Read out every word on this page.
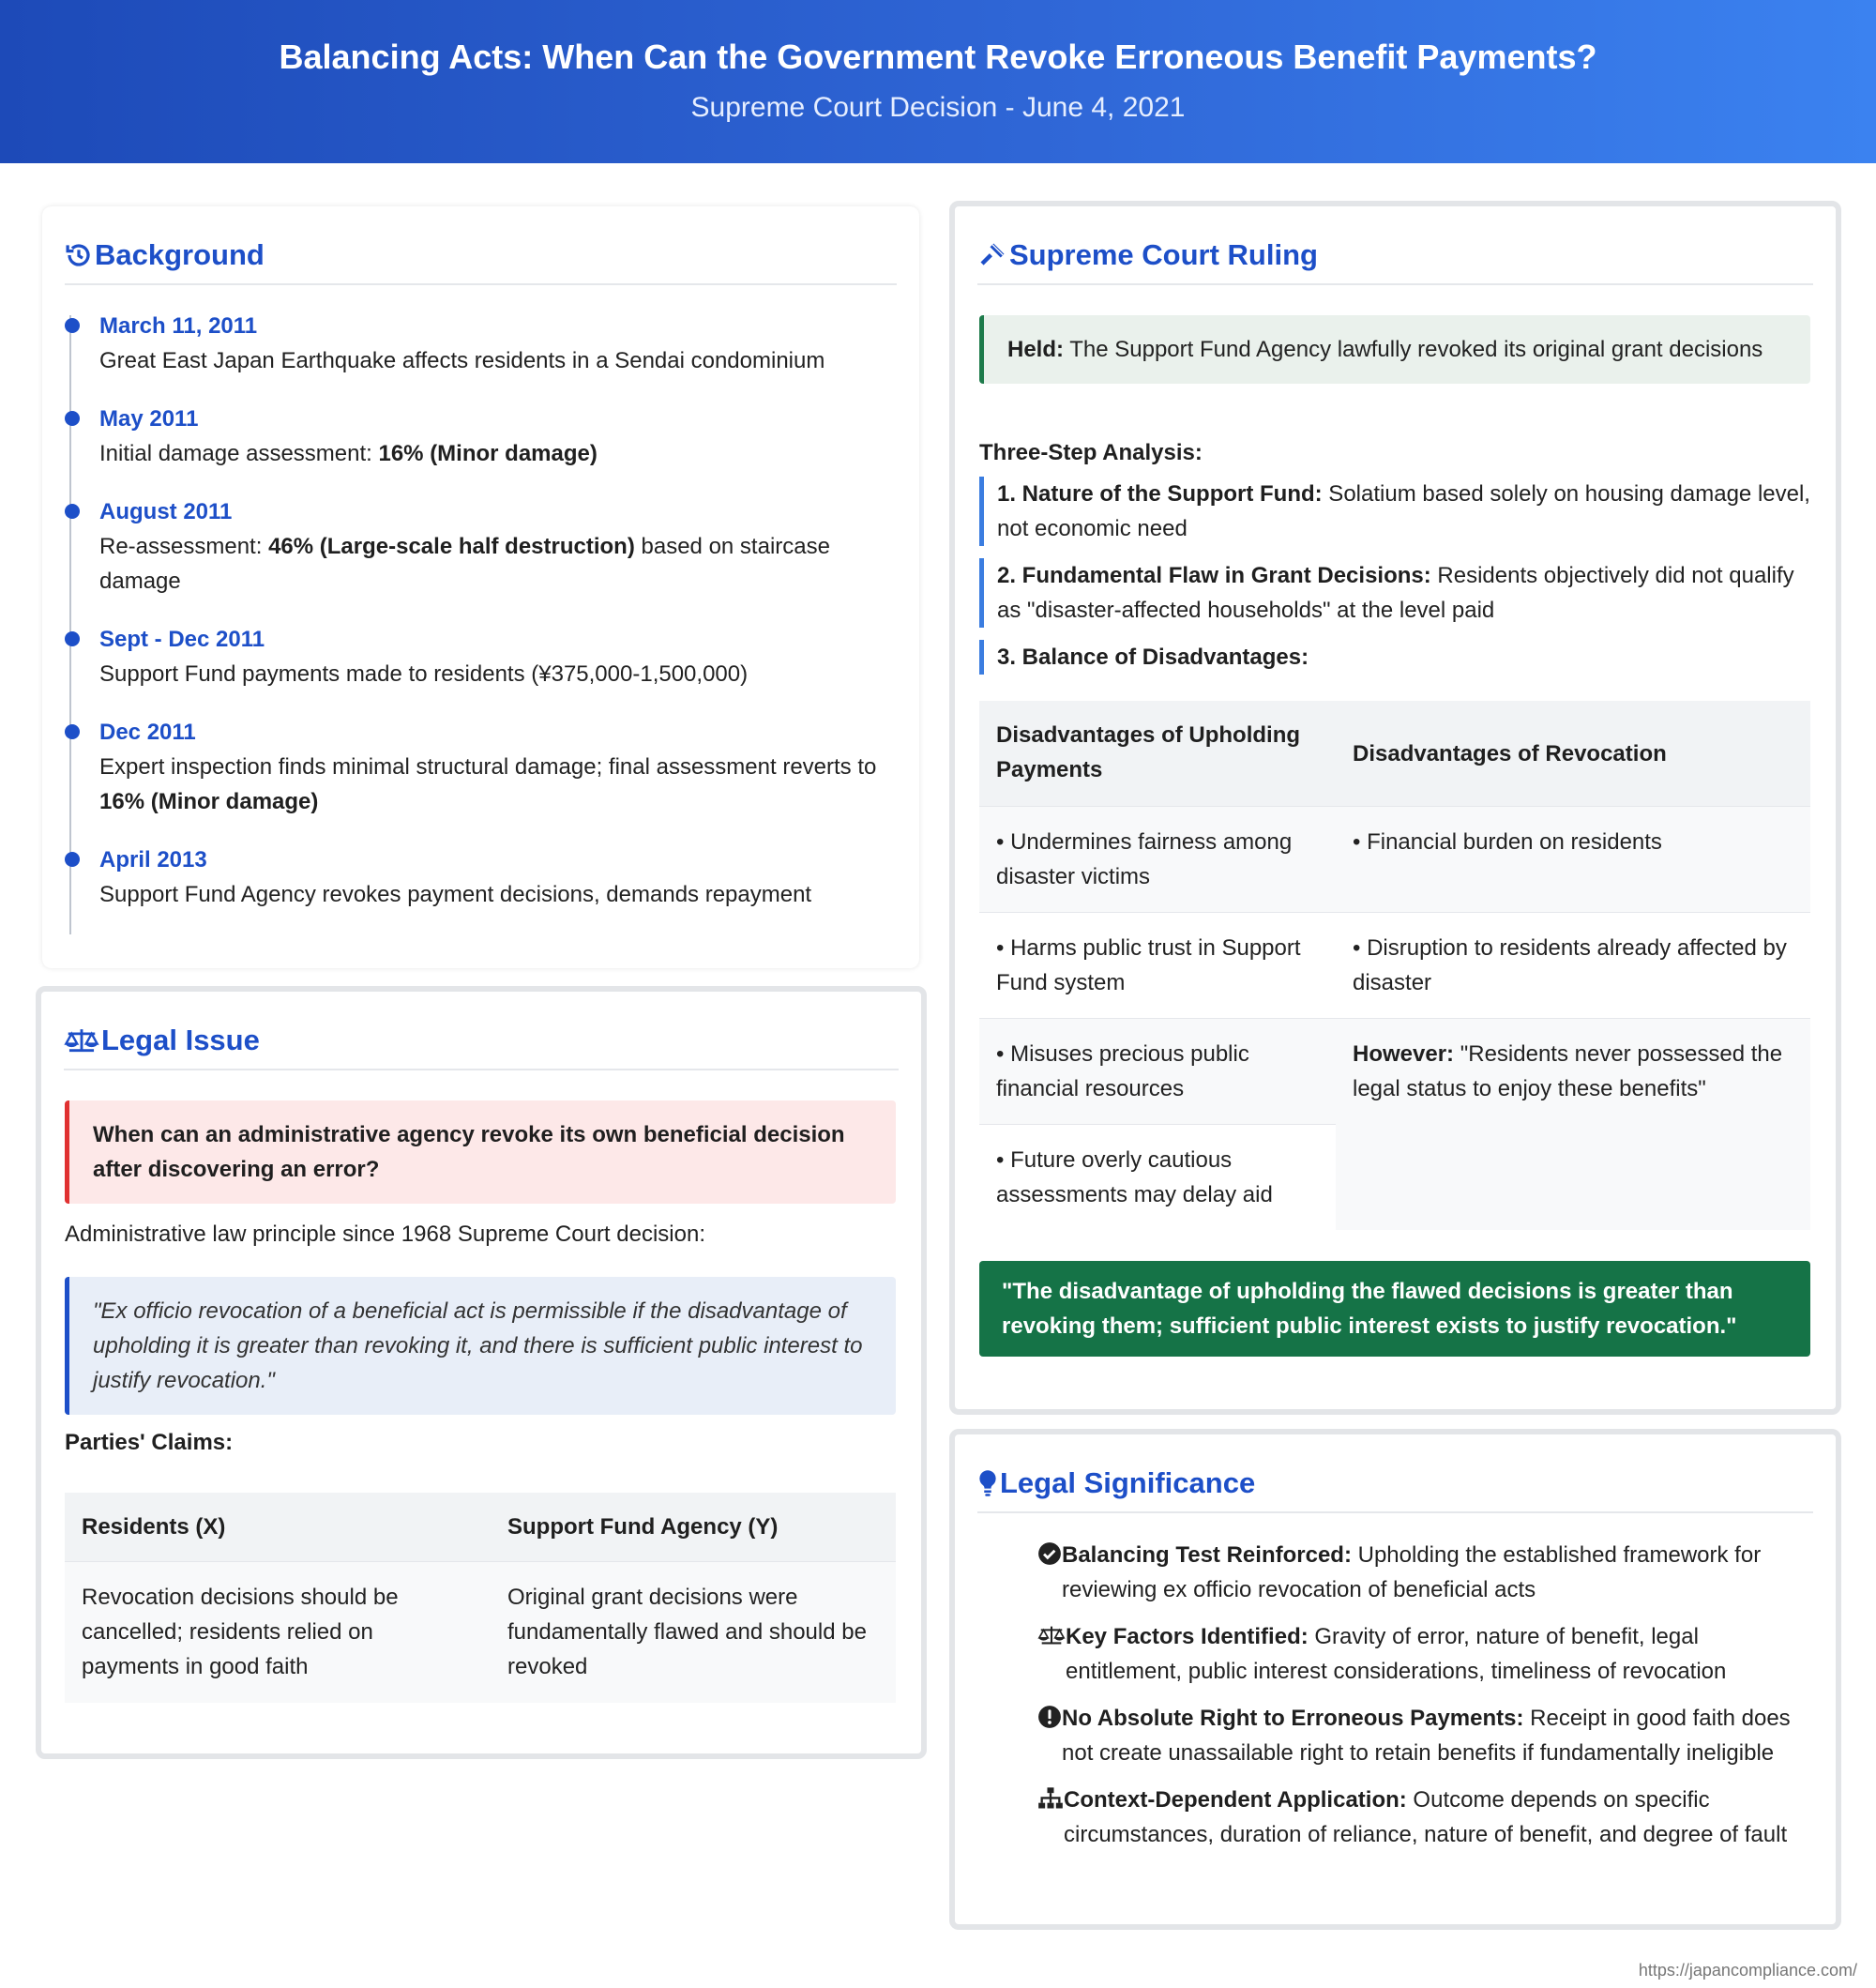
Balancing Acts: When Can the Government Revoke Erroneous Benefit Payments?
Supreme Court Decision - June 4, 2021
Background
March 11, 2011
Great East Japan Earthquake affects residents in a Sendai condominium
May 2011
Initial damage assessment: 16% (Minor damage)
August 2011
Re-assessment: 46% (Large-scale half destruction) based on staircase damage
Sept - Dec 2011
Support Fund payments made to residents (¥375,000-1,500,000)
Dec 2011
Expert inspection finds minimal structural damage; final assessment reverts to 16% (Minor damage)
April 2013
Support Fund Agency revokes payment decisions, demands repayment
Legal Issue
When can an administrative agency revoke its own beneficial decision after discovering an error?
Administrative law principle since 1968 Supreme Court decision:
"Ex officio revocation of a beneficial act is permissible if the disadvantage of upholding it is greater than revoking it, and there is sufficient public interest to justify revocation."
Parties' Claims:
Residents (X)	Support Fund Agency (Y)
Revocation decisions should be cancelled; residents relied on payments in good faith	Original grant decisions were fundamentally flawed and should be revoked
Supreme Court Ruling
Held: The Support Fund Agency lawfully revoked its original grant decisions
Three-Step Analysis:
1. Nature of the Support Fund: Solatium based solely on housing damage level, not economic need
2. Fundamental Flaw in Grant Decisions: Residents objectively did not qualify as "disaster-affected households" at the level paid
3. Balance of Disadvantages:
Disadvantages of Upholding Payments	Disadvantages of Revocation
• Undermines fairness among disaster victims	• Financial burden on residents
• Harms public trust in Support Fund system	• Disruption to residents already affected by disaster
• Misuses precious public financial resources	However: "Residents never possessed the legal status to enjoy these benefits"
• Future overly cautious assessments may delay aid	
"The disadvantage of upholding the flawed decisions is greater than revoking them; sufficient public interest exists to justify revocation."
Legal Significance
Balancing Test Reinforced: Upholding the established framework for reviewing ex officio revocation of beneficial acts
Key Factors Identified: Gravity of error, nature of benefit, legal entitlement, public interest considerations, timeliness of revocation
No Absolute Right to Erroneous Payments: Receipt in good faith does not create unassailable right to retain benefits if fundamentally ineligible
Context-Dependent Application: Outcome depends on specific circumstances, duration of reliance, nature of benefit, and degree of fault
https://japancompliance.com/
